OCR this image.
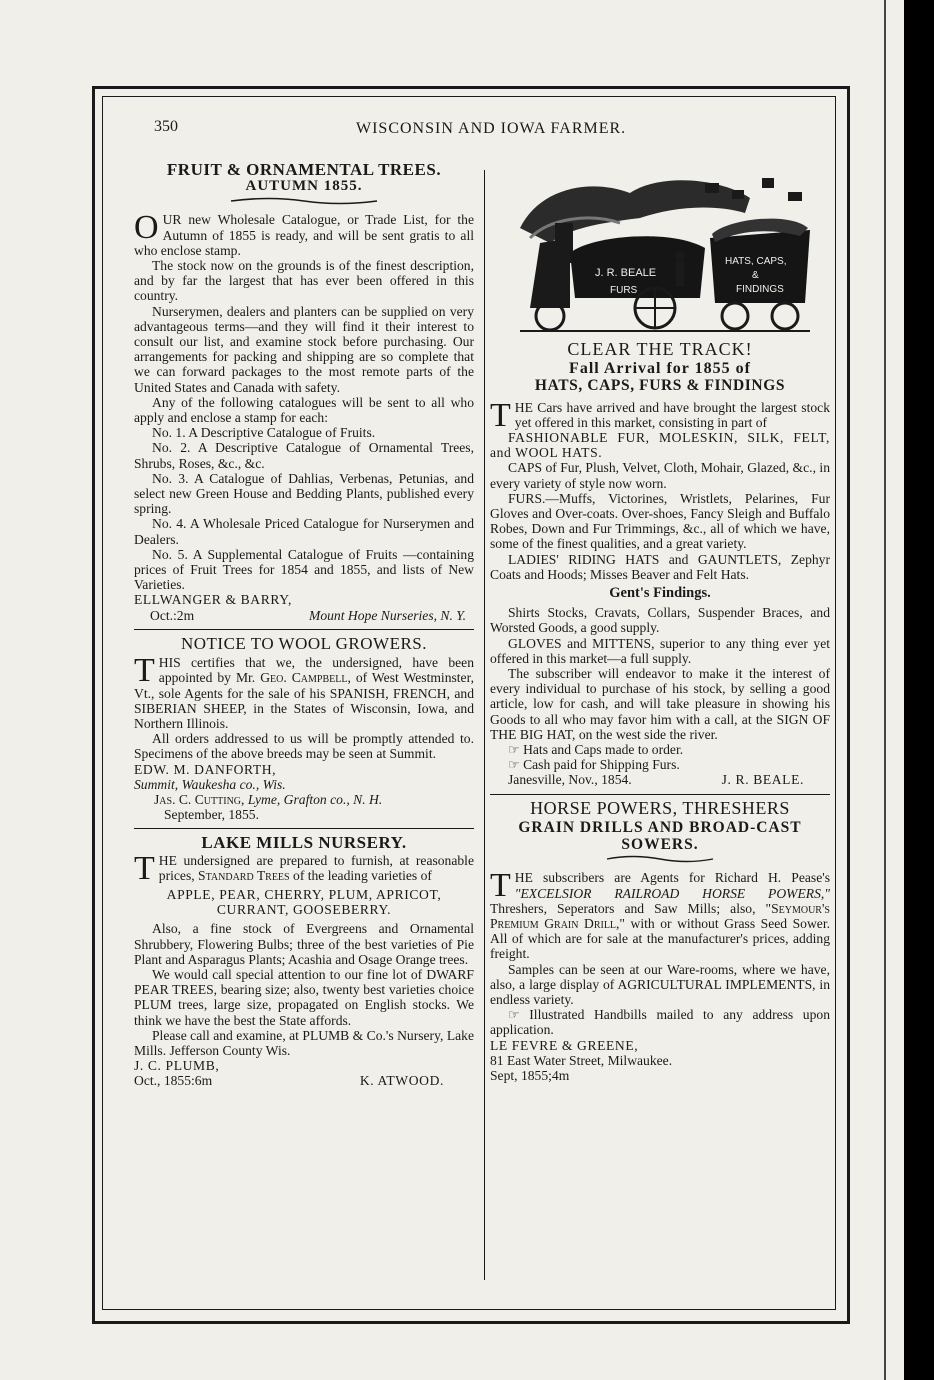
350	WISCONSIN AND IOWA FARMER.
FRUIT & ORNAMENTAL TREES.
AUTUMN 1855.

OUR new Wholesale Catalogue, or Trade List, for the Autumn of 1855 is ready, and will be sent gratis to all who enclose stamp.

The stock now on the grounds is of the finest description, and by far the largest that has ever been offered in this country.

Nurserymen, dealers and planters can be supplied on very advantageous terms—and they will find it their interest to consult our list, and examine stock before purchasing. Our arrangements for packing and shipping are so complete that we can forward packages to the most remote parts of the United States and Canada with safety.

Any of the following catalogues will be sent to all who apply and enclose a stamp for each:

No. 1. A Descriptive Catalogue of Fruits.

No. 2. A Descriptive Catalogue of Ornamental Trees, Shrubs, Roses, &c., &c.

No. 3. A Catalogue of Dahlias, Verbenas, Petunias, and select new Green House and Bedding Plants, published every spring.

No. 4. A Wholesale Priced Catalogue for Nurserymen and Dealers.

No. 5. A Supplemental Catalogue of Fruits —containing prices of Fruit Trees for 1854 and 1855, and lists of New Varieties.

ELLWANGER & BARRY,

Oct.:2m	Mount Hope Nurseries, N. Y.
NOTICE TO WOOL GROWERS.

THIS certifies that we, the undersigned, have been appointed by Mr. Geo. Campbell, of West Westminster, Vt., sole Agents for the sale of his SPANISH, FRENCH, and SIBERIAN SHEEP, in the States of Wisconsin, Iowa, and Northern Illinois.

All orders addressed to us will be promptly attended to. Specimens of the above breeds may be seen at Summit.

EDW. M. DANFORTH,

Summit, Waukesha co., Wis.

Jas. C. Cutting, Lyme, Grafton co., N. H.

September, 1855.

LAKE MILLS NURSERY.

THE undersigned are prepared to furnish, at reasonable prices, Standard Trees of the leading varieties of

APPLE, PEAR, CHERRY, PLUM, APRICOT, CURRANT, GOOSEBERRY.

Also, a fine stock of Evergreens and Ornamental Shrubbery, Flowering Bulbs; three of the best varieties of Pie Plant and Asparagus Plants; Acashia and Osage Orange trees.

We would call special attention to our fine lot of DWARF PEAR TREES, bearing size; also, twenty best varieties choice PLUM trees, large size, propagated on English stocks. We think we have the best the State affords.

Please call and examine, at PLUMB & Co.'s Nursery, Lake Mills. Jefferson County Wis.

J. C. PLUMB,

Oct., 1855:6m	K. ATWOOD.
J. R. BEALE
FURS
HATS, CAPS,
&
FINDINGS
CLEAR THE TRACK!
Fall Arrival for 1855 of
HATS, CAPS, FURS & FINDINGS

THE Cars have arrived and have brought the largest stock yet offered in this market, consisting in part of

FASHIONABLE FUR, MOLESKIN, SILK, FELT, and WOOL HATS.

CAPS of Fur, Plush, Velvet, Cloth, Mohair, Glazed, &c., in every variety of style now worn.

FURS.—Muffs, Victorines, Wristlets, Pelarines, Fur Gloves and Over-coats. Over-shoes, Fancy Sleigh and Buffalo Robes, Down and Fur Trimmings, &c., all of which we have, some of the finest qualities, and a great variety.

LADIES' RIDING HATS and GAUNTLETS, Zephyr Coats and Hoods; Misses Beaver and Felt Hats.

Gent's Findings.

Shirts Stocks, Cravats, Collars, Suspender Braces, and Worsted Goods, a good supply.

GLOVES and MITTENS, superior to any thing ever yet offered in this market—a full supply.

The subscriber will endeavor to make it the interest of every individual to purchase of his stock, by selling a good article, low for cash, and will take pleasure in showing his Goods to all who may favor him with a call, at the SIGN OF THE BIG HAT, on the west side the river.

☞ Hats and Caps made to order.

☞ Cash paid for Shipping Furs.

Janesville, Nov., 1854.	J. R. BEALE.
HORSE POWERS, THRESHERS
GRAIN DRILLS AND BROAD-CAST
SOWERS.

THE subscribers are Agents for Richard H. Pease's "EXCELSIOR RAILROAD HORSE POWERS," Threshers, Seperators and Saw Mills; also, "Seymour's Premium Grain Drill," with or without Grass Seed Sower. All of which are for sale at the manufacturer's prices, adding freight.

Samples can be seen at our Ware-rooms, where we have, also, a large display of AGRICULTURAL IMPLEMENTS, in endless variety.

☞ Illustrated Handbills mailed to any address upon application.

LE FEVRE & GREENE,

81 East Water Street, Milwaukee.

Sept, 1855;4m
